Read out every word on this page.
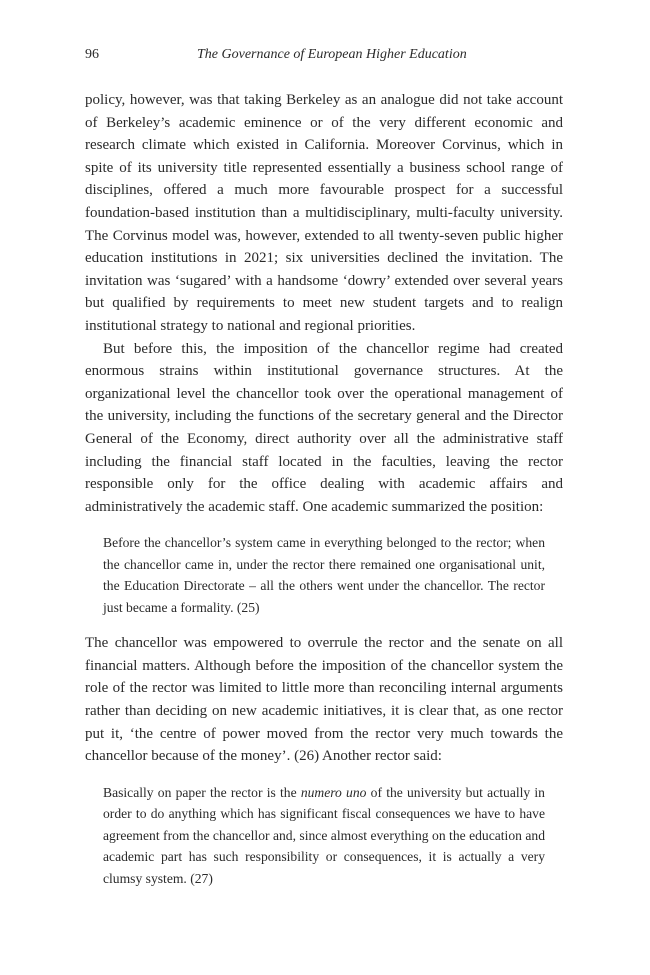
96	The Governance of European Higher Education

policy, however, was that taking Berkeley as an analogue did not take account of Berkeley’s academic eminence or of the very different economic and research climate which existed in California. Moreover Corvinus, which in spite of its university title represented essentially a business school range of disciplines, offered a much more favourable prospect for a successful foundation-based institution than a multidisciplinary, multi-faculty university. The Corvinus model was, however, extended to all twenty-seven public higher education institutions in 2021; six universities declined the invitation. The invitation was ‘sugared’ with a handsome ‘dowry’ extended over several years but qualified by requirements to meet new student targets and to realign institutional strategy to national and regional priorities.

But before this, the imposition of the chancellor regime had created enormous strains within institutional governance structures. At the organizational level the chancellor took over the operational management of the university, including the functions of the secretary general and the Director General of the Economy, direct authority over all the administrative staff including the financial staff located in the faculties, leaving the rector responsible only for the office dealing with academic affairs and administratively the academic staff. One academic summarized the position:

Before the chancellor’s system came in everything belonged to the rector; when the chancellor came in, under the rector there remained one organisational unit, the Education Directorate – all the others went under the chancellor. The rector just became a formality. (25)

The chancellor was empowered to overrule the rector and the senate on all financial matters. Although before the imposition of the chancellor system the role of the rector was limited to little more than reconciling internal arguments rather than deciding on new academic initiatives, it is clear that, as one rector put it, ‘the centre of power moved from the rector very much towards the chancellor because of the money’. (26) Another rector said:

Basically on paper the rector is the numero uno of the university but actually in order to do anything which has significant fiscal consequences we have to have agreement from the chancellor and, since almost everything on the education and academic part has such responsibility or consequences, it is actually a very clumsy system. (27)
